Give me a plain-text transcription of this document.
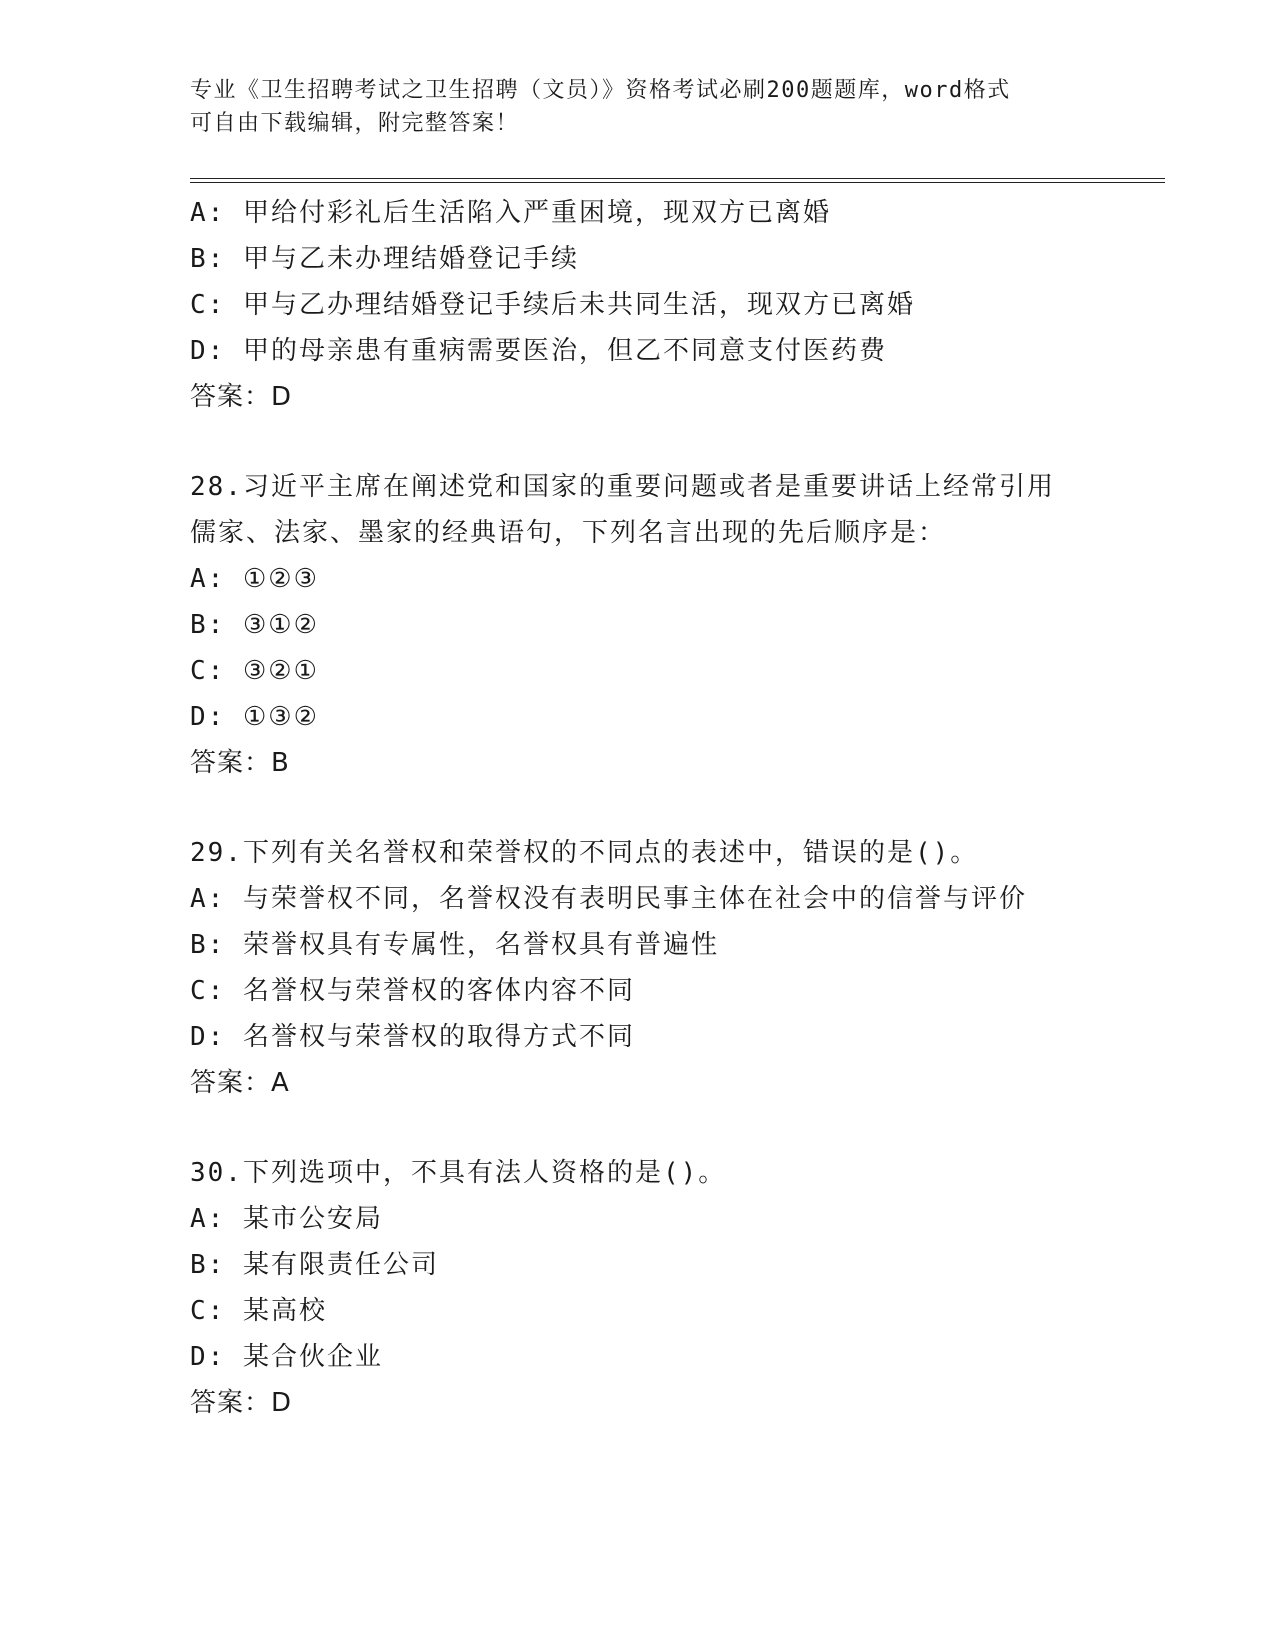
专业《卫生招聘考试之卫生招聘（文员）》资格考试必刷200题题库，word格式
可自由下载编辑，附完整答案！
A: 甲给付彩礼后生活陷入严重困境，现双方已离婚
B: 甲与乙未办理结婚登记手续
C: 甲与乙办理结婚登记手续后未共同生活，现双方已离婚
D: 甲的母亲患有重病需要医治，但乙不同意支付医药费
答案：D
28.习近平主席在阐述党和国家的重要问题或者是重要讲话上经常引用
儒家、法家、墨家的经典语句，下列名言出现的先后顺序是：
A: ①②③
B: ③①②
C: ③②①
D: ①③②
答案：B
29.下列有关名誉权和荣誉权的不同点的表述中，错误的是()。
A: 与荣誉权不同，名誉权没有表明民事主体在社会中的信誉与评价
B: 荣誉权具有专属性，名誉权具有普遍性
C: 名誉权与荣誉权的客体内容不同
D: 名誉权与荣誉权的取得方式不同
答案：A
30.下列选项中，不具有法人资格的是()。
A: 某市公安局
B: 某有限责任公司
C: 某高校
D: 某合伙企业
答案：D
